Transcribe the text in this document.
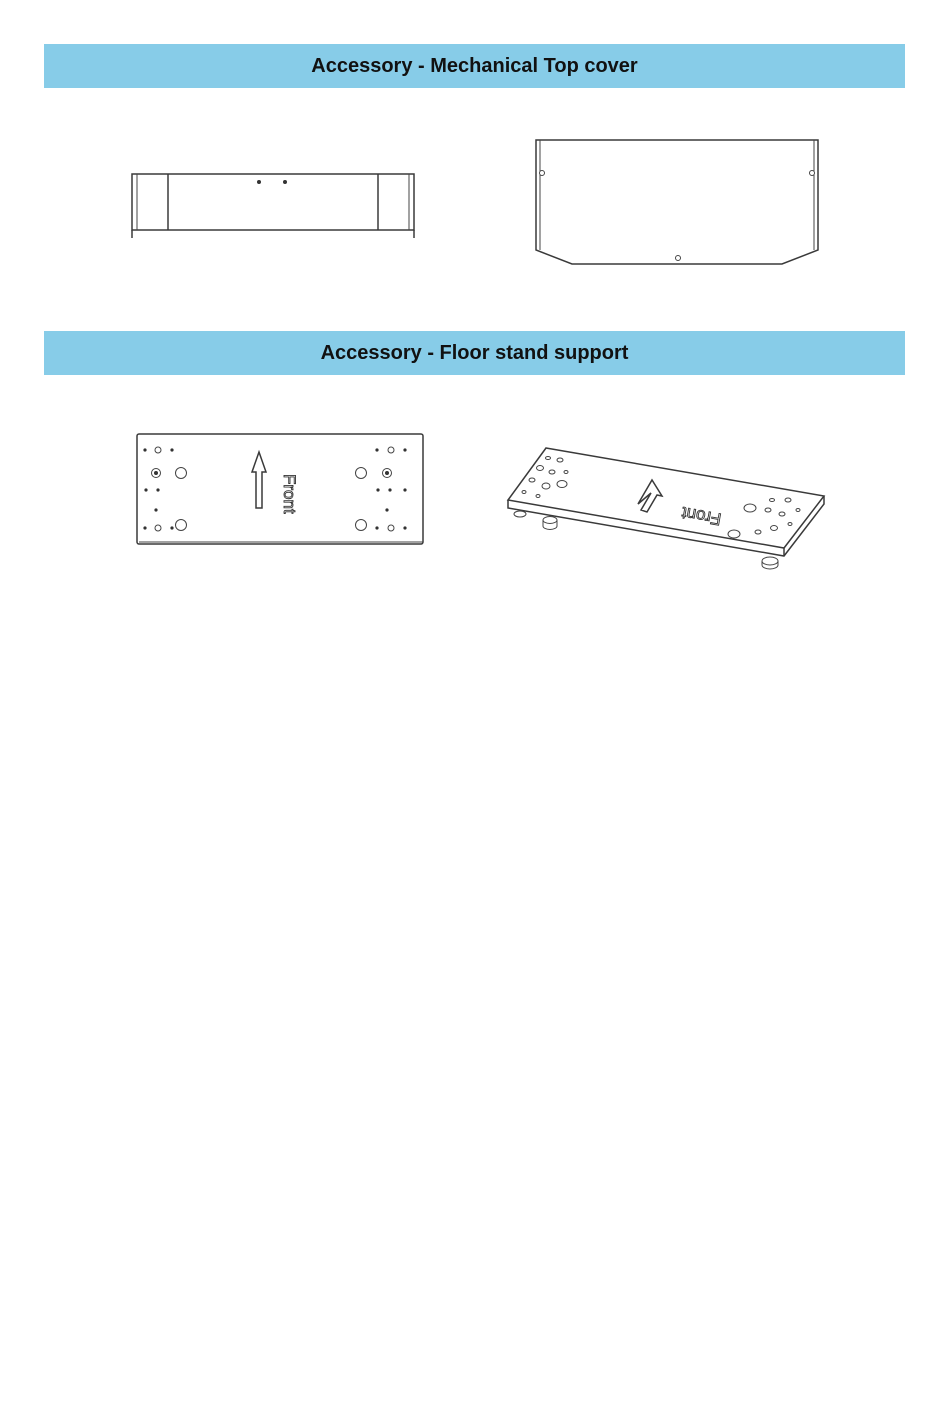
Accessory - Mechanical Top cover
Accessory - Floor stand support
Front
Front
